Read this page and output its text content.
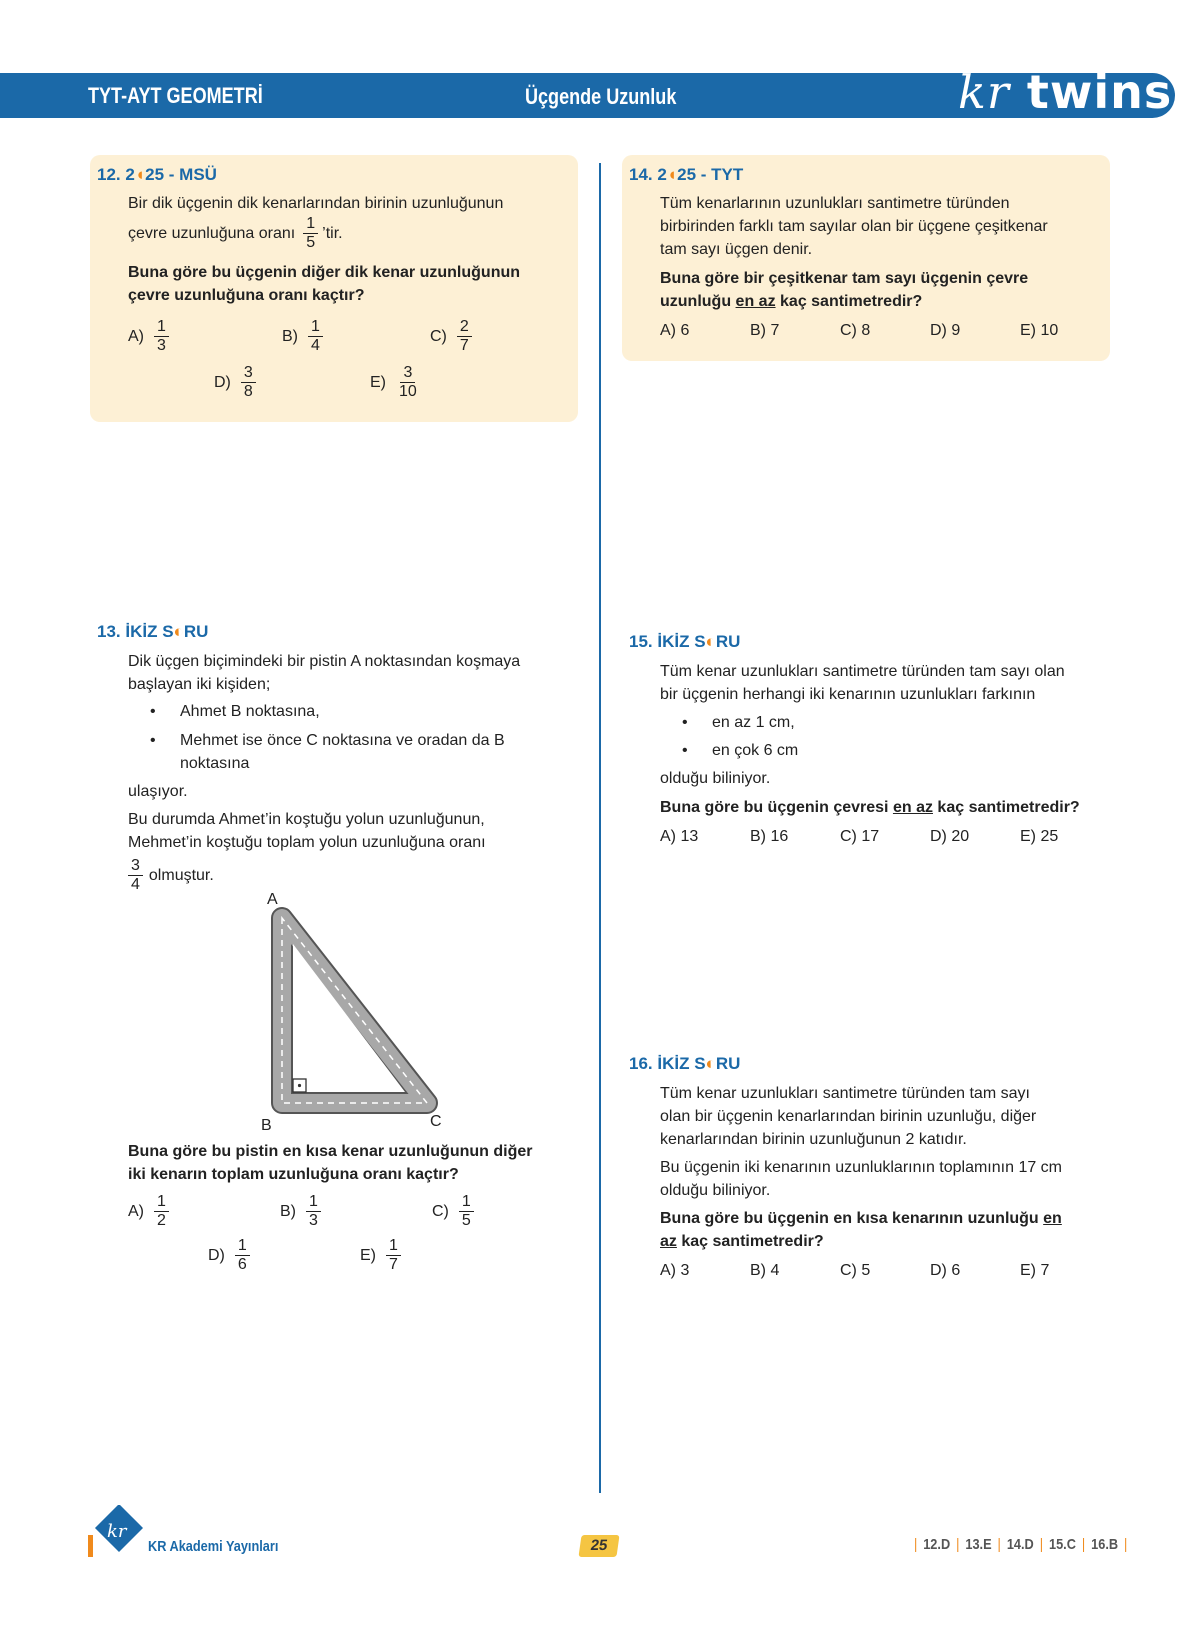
TYT-AYT GEOMETRİ	Üçgende Uzunluk	kr twins
12. 2◖25 - MSÜ
Bir dik üçgenin dik kenarlarından birinin uzunluğunun
çevre uzunluğuna oranı $\frac{1}{5}$ ’tir.
Buna göre bu üçgenin diğer dik kenar uzunluğunun
çevre uzunluğuna oranı kaçtır?
$A) \frac{1}{3}$	$B) \frac{1}{4}$	$C) \frac{2}{7}$
$D) \frac{3}{8}$	$E) \frac{3}{10}$
14. 2◖25 - TYT
Tüm kenarlarının uzunlukları santimetre türünden
birbirinden farklı tam sayılar olan bir üçgene çeşitkenar
tam sayı üçgen denir.
Buna göre bir çeşitkenar tam sayı üçgenin çevre
uzunluğu en az kaç santimetredir?
A) 6	B) 7	C) 8	D) 9	E) 10
13. İKİZ S◐RU
Dik üçgen biçimindeki bir pistin A noktasından koşmaya
başlayan iki kişiden;
• Ahmet B noktasına,
• Mehmet ise önce C noktasına ve oradan da B
noktasına
ulaşıyor.
Bu durumda Ahmet’in koştuğu yolun uzunluğunun,
Mehmet’in koştuğu toplam yolun uzunluğuna oranı
$\frac{3}{4}$ olmuştur.
A
B	C
Buna göre bu pistin en kısa kenar uzunluğunun diğer
iki kenarın toplam uzunluğuna oranı kaçtır?
$A) \frac{1}{2}$	$B) \frac{1}{3}$	$C) \frac{1}{5}$
$D) \frac{1}{6}$	$E) \frac{1}{7}$
15. İKİZ S◐RU
Tüm kenar uzunlukları santimetre türünden tam sayı olan
bir üçgenin herhangi iki kenarının uzunlukları farkının
• en az 1 cm,
• en çok 6 cm
olduğu biliniyor.
Buna göre bu üçgenin çevresi en az kaç santimetredir?
A) 13	B) 16	C) 17	D) 20	E) 25
16. İKİZ S◐RU
Tüm kenar uzunlukları santimetre türünden tam sayı
olan bir üçgenin kenarlarından birinin uzunluğu, diğer
kenarlarından birinin uzunluğunun 2 katıdır.
Bu üçgenin iki kenarının uzunluklarının toplamının 17 cm
olduğu biliniyor.
Buna göre bu üçgenin en kısa kenarının uzunluğu en
az kaç santimetredir?
A) 3	B) 4	C) 5	D) 6	E) 7
kr
KR Akademi Yayınları	25	| 12.D | 13.E | 14.D | 15.C | 16.B |
